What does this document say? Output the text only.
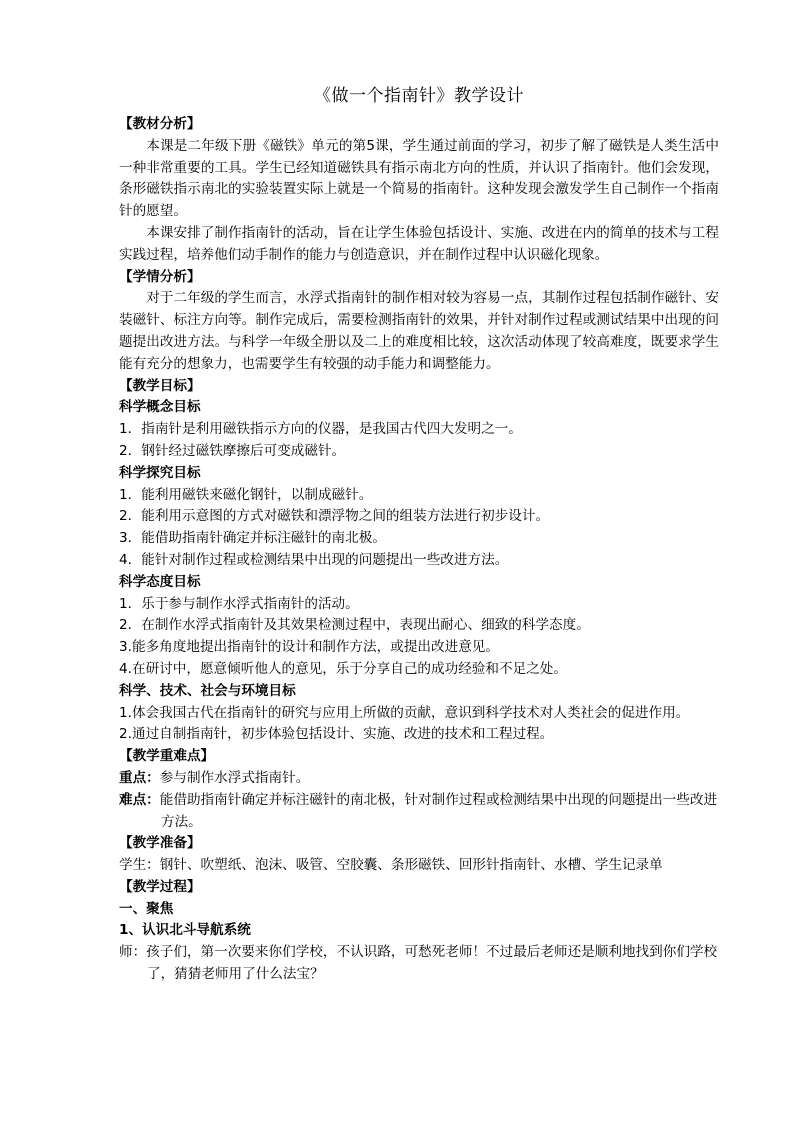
《做一个指南针》教学设计
【教材分析】

本课是二年级下册《磁铁》单元的第5课，学生通过前面的学习，初步了解了磁铁是人类生活中一种非常重要的工具。学生已经知道磁铁具有指示南北方向的性质，并认识了指南针。他们会发现，条形磁铁指示南北的实验装置实际上就是一个简易的指南针。这种发现会激发学生自己制作一个指南针的愿望。

本课安排了制作指南针的活动，旨在让学生体验包括设计、实施、改进在内的简单的技术与工程实践过程，培养他们动手制作的能力与创造意识，并在制作过程中认识磁化现象。

【学情分析】

对于二年级的学生而言，水浮式指南针的制作相对较为容易一点，其制作过程包括制作磁针、安装磁针、标注方向等。制作完成后，需要检测指南针的效果，并针对制作过程或测试结果中出现的问题提出改进方法。与科学一年级全册以及二上的难度相比较，这次活动体现了较高难度，既要求学生能有充分的想象力，也需要学生有较强的动手能力和调整能力。

【教学目标】
科学概念目标

1．指南针是利用磁铁指示方向的仪器，是我国古代四大发明之一。

2．钢针经过磁铁摩擦后可变成磁针。

科学探究目标

1．能利用磁铁来磁化钢针，以制成磁针。

2．能利用示意图的方式对磁铁和漂浮物之间的组装方法进行初步设计。

3．能借助指南针确定并标注磁针的南北极。

4．能针对制作过程或检测结果中出现的问题提出一些改进方法。

科学态度目标

1．乐于参与制作水浮式指南针的活动。

2．在制作水浮式指南针及其效果检测过程中，表现出耐心、细致的科学态度。

3.能多角度地提出指南针的设计和制作方法，或提出改进意见。

4.在研讨中，愿意倾听他人的意见，乐于分享自己的成功经验和不足之处。

科学、技术、社会与环境目标

1.体会我国古代在指南针的研究与应用上所做的贡献，意识到科学技术对人类社会的促进作用。

2.通过自制指南针，初步体验包括设计、实施、改进的技术和工程过程。

【教学重难点】

重点：参与制作水浮式指南针。

难点：能借助指南针确定并标注磁针的南北极，针对制作过程或检测结果中出现的问题提出一些改进方法。

【教学准备】

学生：钢针、吹塑纸、泡沫、吸管、空胶囊、条形磁铁、回形针指南针、水槽、学生记录单

【教学过程】
一、聚焦
1、认识北斗导航系统

师：孩子们，第一次要来你们学校，不认识路，可愁死老师！不过最后老师还是顺利地找到你们学校了，猜猜老师用了什么法宝？
